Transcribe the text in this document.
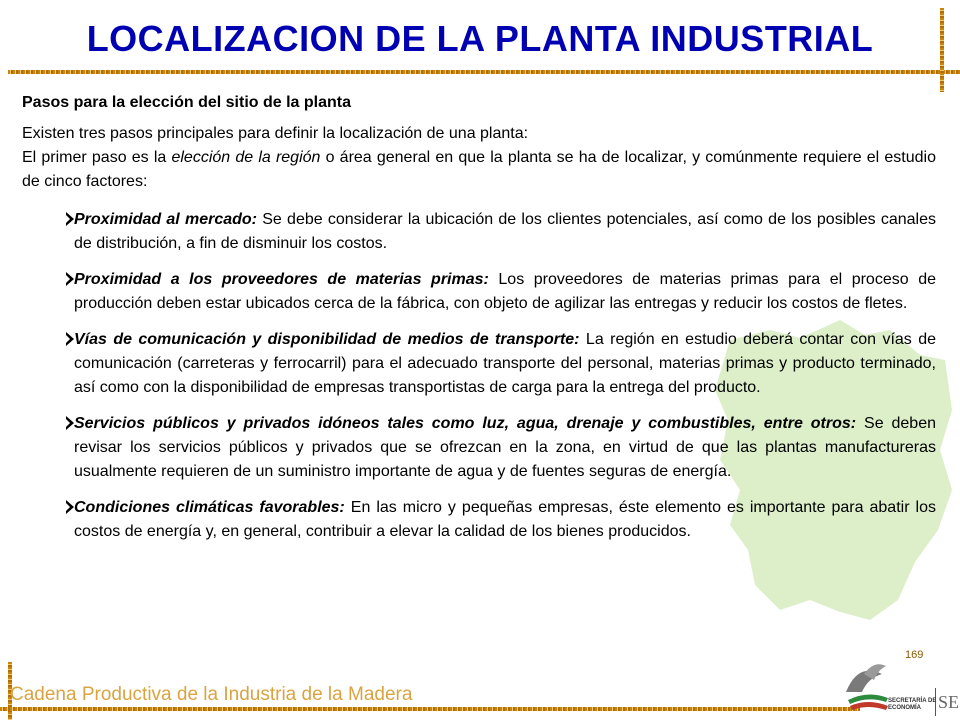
LOCALIZACION DE LA PLANTA INDUSTRIAL
Pasos para la elección del sitio de la planta
Existen tres pasos principales para definir la localización de una planta:
El primer paso es la elección de la región o área general en que la planta se ha de localizar, y comúnmente requiere el estudio de cinco factores:
Proximidad al mercado: Se debe considerar la ubicación de los clientes potenciales, así como de los posibles canales de distribución, a fin de disminuir los costos.
Proximidad a los proveedores de materias primas: Los proveedores de materias primas para el proceso de producción deben estar ubicados cerca de la fábrica, con objeto de agilizar las entregas y reducir los costos de fletes.
Vías de comunicación y disponibilidad de medios de transporte: La región en estudio deberá contar con vías de comunicación (carreteras y ferrocarril) para el adecuado transporte del personal, materias primas y producto terminado, así como con la disponibilidad de empresas transportistas de carga para la entrega del producto.
Servicios públicos y privados idóneos tales como luz, agua, drenaje y combustibles, entre otros: Se deben revisar los servicios públicos y privados que se ofrezcan en la zona, en virtud de que las plantas manufactureras usualmente requieren de un suministro importante de agua y de fuentes seguras de energía.
Condiciones climáticas favorables: En las micro y pequeñas empresas, éste elemento es importante para abatir los costos de energía y, en general, contribuir a elevar la calidad de los bienes producidos.
169
Cadena Productiva de la Industria de la Madera	SE
SECRETARÍA DE
ECONOMÍA
